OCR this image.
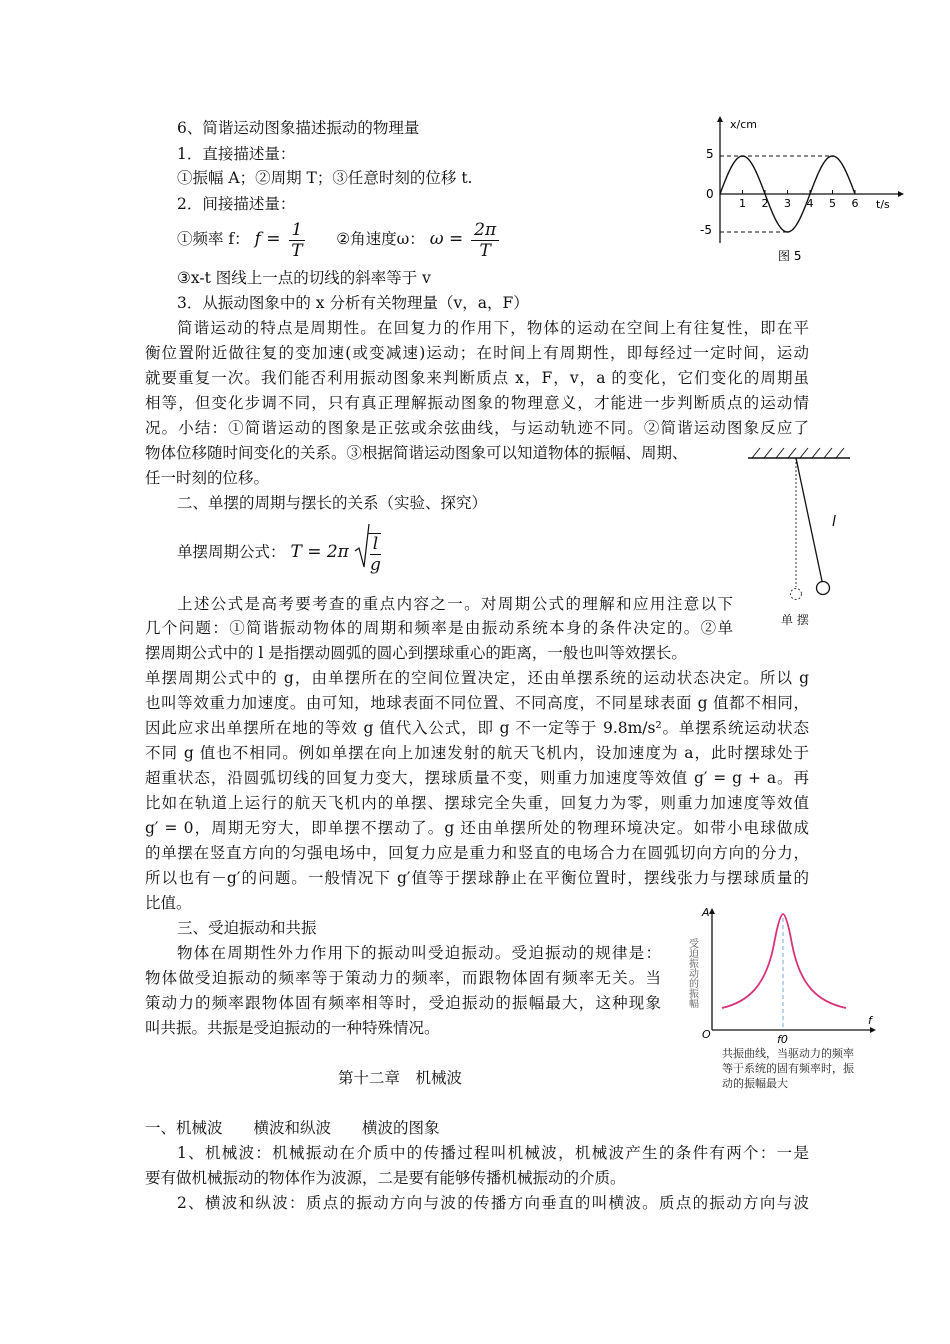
6、简谐运动图象描述振动的物理量
1．直接描述量：
①振幅 A；②周期 T；③任意时刻的位移 t.
2．间接描述量：
①频率 f： $f = \frac{1}{T}$ ②角速度ω： $\omega = \frac{2\pi}{T}$
③x-t 图线上一点的切线的斜率等于 v
3．从振动图象中的 x 分析有关物理量（v，a，F）
简谐运动的特点是周期性。在回复力的作用下，物体的运动在空间上有往复性，即在平
衡位置附近做往复的变加速(或变减速)运动；在时间上有周期性，即每经过一定时间，运动
就要重复一次。我们能否利用振动图象来判断质点 x，F，v，a 的变化，它们变化的周期虽
相等，但变化步调不同，只有真正理解振动图象的物理意义，才能进一步判断质点的运动情
况。小结：①简谐运动的图象是正弦或余弦曲线，与运动轨迹不同。②简谐运动图象反应了
物体位移随时间变化的关系。③根据简谐运动图象可以知道物体的振幅、周期、
任一时刻的位移。
二、单摆的周期与摆长的关系（实验、探究）
单摆周期公式： $T = 2\pi \frac{l}{g}$
上述公式是高考要考查的重点内容之一。对周期公式的理解和应用注意以下
几个问题：①简谐振动物体的周期和频率是由振动系统本身的条件决定的。②单
摆周期公式中的 l 是指摆动圆弧的圆心到摆球重心的距离，一般也叫等效摆长。
单摆周期公式中的 g，由单摆所在的空间位置决定，还由单摆系统的运动状态决定。所以 g
也叫等效重力加速度。由可知，地球表面不同位置、不同高度，不同星球表面 g 值都不相同，
因此应求出单摆所在地的等效 g 值代入公式，即 g 不一定等于 9.8m/s²。单摆系统运动状态
不同 g 值也不相同。例如单摆在向上加速发射的航天飞机内，设加速度为 a，此时摆球处于
超重状态，沿圆弧切线的回复力变大，摆球质量不变，则重力加速度等效值 g′ = g + a。再
比如在轨道上运行的航天飞机内的单摆、摆球完全失重，回复力为零，则重力加速度等效值
g′ = 0，周期无穷大，即单摆不摆动了。g 还由单摆所处的物理环境决定。如带小电球做成
的单摆在竖直方向的匀强电场中，回复力应是重力和竖直的电场合力在圆弧切向方向的分力，
所以也有－g′的问题。一般情况下 g′值等于摆球静止在平衡位置时，摆线张力与摆球质量的
比值。
三、受迫振动和共振
物体在周期性外力作用下的振动叫受迫振动。受迫振动的规律是：
物体做受迫振动的频率等于策动力的频率，而跟物体固有频率无关。当
策动力的频率跟物体固有频率相等时，受迫振动的振幅最大，这种现象
叫共振。共振是受迫振动的一种特殊情况。
第十二章　机械波
一、机械波　　横波和纵波　　横波的图象
1、机械波：机械振动在介质中的传播过程叫机械波，机械波产生的条件有两个：一是
要有做机械振动的物体作为波源，二是要有能够传播机械振动的介质。
2、横波和纵波：质点的振动方向与波的传播方向垂直的叫横波。质点的振动方向与波
x/cm
t/s
5
0
-5
1 2 3 4 5 6
图 5
l
单 摆
A
O
f
受迫振动的振幅
f0
共振曲线，当驱动力的频率
等于系统的固有频率时，振
动的振幅最大
